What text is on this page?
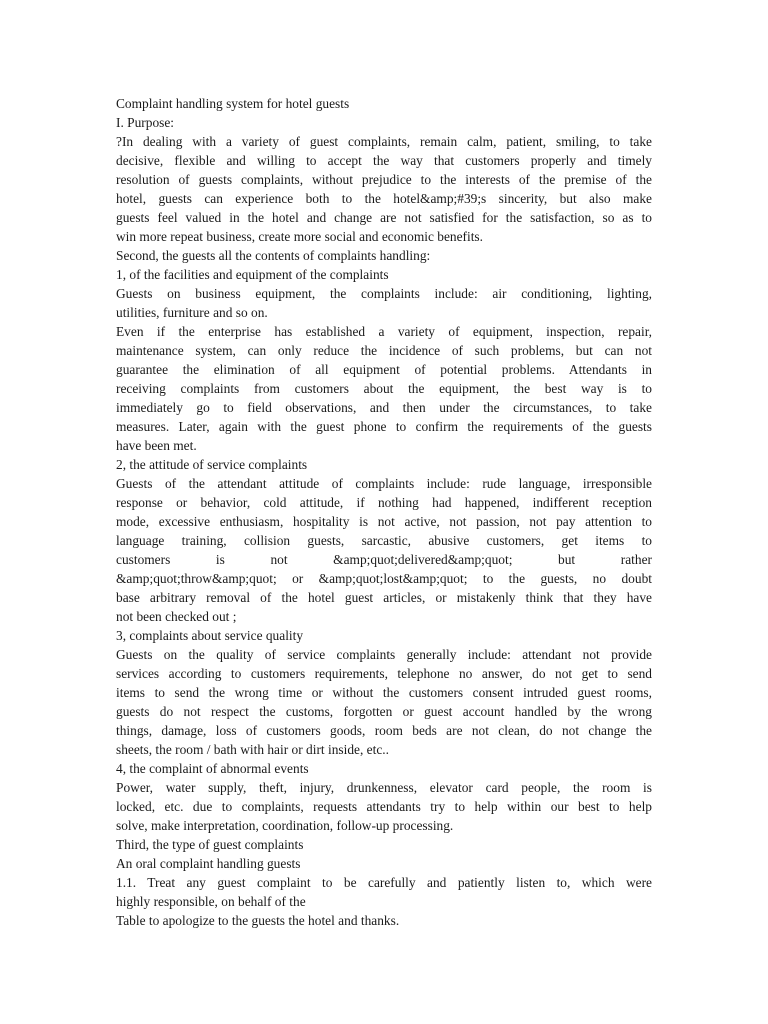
Complaint handling system for hotel guests
I. Purpose:
?In dealing with a variety of guest complaints, remain calm, patient, smiling, to take
decisive, flexible and willing to accept the way that customers properly and timely
resolution of guests complaints, without prejudice to the interests of the premise of the
hotel, guests can experience both to the hotel&amp;#39;s sincerity, but also make
guests feel valued in the hotel and change are not satisfied for the satisfaction, so as to
win more repeat business, create more social and economic benefits.
Second, the guests all the contents of complaints handling:
1, of the facilities and equipment of the complaints
Guests on business equipment, the complaints include: air conditioning, lighting,
utilities, furniture and so on.
Even if the enterprise has established a variety of equipment, inspection, repair,
maintenance system, can only reduce the incidence of such problems, but can not
guarantee the elimination of all equipment of potential problems. Attendants in
receiving complaints from customers about the equipment, the best way is to
immediately go to field observations, and then under the circumstances, to take
measures. Later, again with the guest phone to confirm the requirements of the guests
have been met.
2, the attitude of service complaints
Guests of the attendant attitude of complaints include: rude language, irresponsible
response or behavior, cold attitude, if nothing had happened, indifferent reception
mode, excessive enthusiasm, hospitality is not active, not passion, not pay attention to
language training, collision guests, sarcastic, abusive customers, get items to
customers is not &amp;quot;delivered&amp;quot; but rather
&amp;quot;throw&amp;quot; or &amp;quot;lost&amp;quot; to the guests, no doubt
base arbitrary removal of the hotel guest articles, or mistakenly think that they have
not been checked out ;
3, complaints about service quality
Guests on the quality of service complaints generally include: attendant not provide
services according to customers requirements, telephone no answer, do not get to send
items to send the wrong time or without the customers consent intruded guest rooms,
guests do not respect the customs, forgotten or guest account handled by the wrong
things, damage, loss of customers goods, room beds are not clean, do not change the
sheets, the room / bath with hair or dirt inside, etc..
4, the complaint of abnormal events
Power, water supply, theft, injury, drunkenness, elevator card people, the room is
locked, etc. due to complaints, requests attendants try to help within our best to help
solve, make interpretation, coordination, follow-up processing.
Third, the type of guest complaints
An oral complaint handling guests
1.1. Treat any guest complaint to be carefully and patiently listen to, which were
highly responsible, on behalf of the
Table to apologize to the guests the hotel and thanks.
